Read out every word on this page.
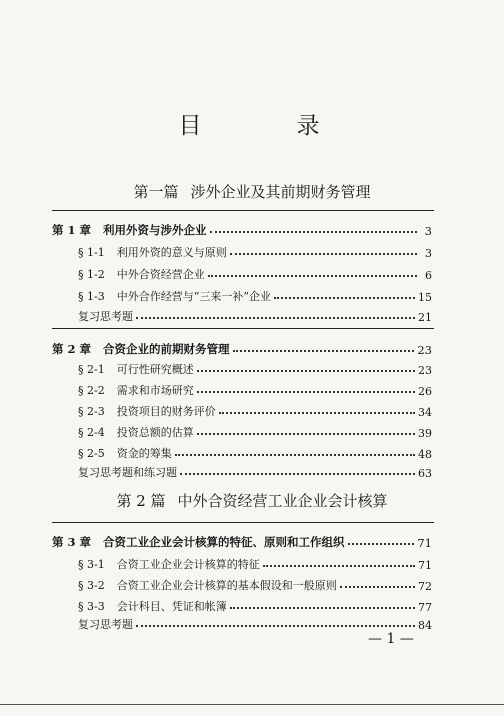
目　录
第一篇 涉外企业及其前期财务管理
第 1 章 利用外资与涉外企业	3
§ 1-1 利用外资的意义与原则	3
§ 1-2 中外合资经营企业	6
§ 1-3 中外合作经营与“三来一补”企业	15
复习思考题	21
第 2 章 合资企业的前期财务管理	23
§ 2-1 可行性研究概述	23
§ 2-2 需求和市场研究	26
§ 2-3 投资项目的财务评价	34
§ 2-4 投资总额的估算	39
§ 2-5 资金的筹集	48
复习思考题和练习题	63
第 2 篇 中外合资经营工业企业会计核算
第 3 章 合资工业企业会计核算的特征、原则和工作组织	71
§ 3-1 合资工业企业会计核算的特征	71
§ 3-2 合资工业企业会计核算的基本假设和一般原则	72
§ 3-3 会计科目、凭证和帐簿	77
复习思考题	84
— 1 —
